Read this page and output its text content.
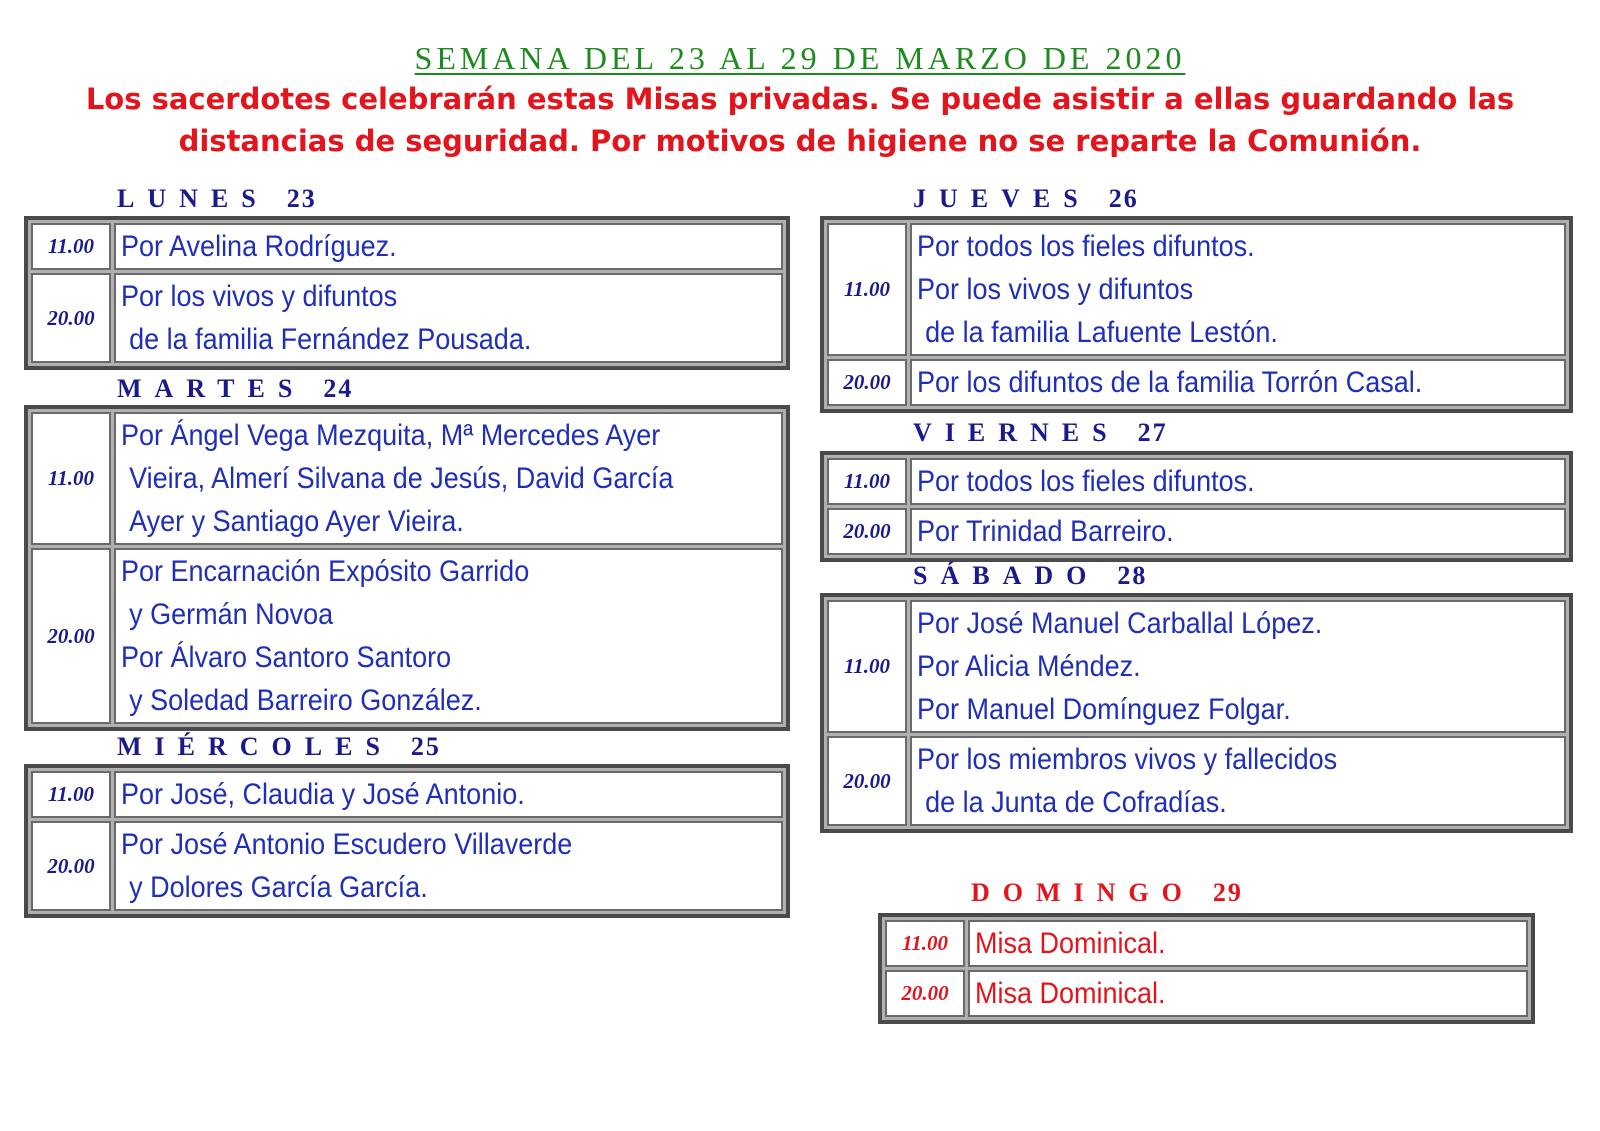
SEMANA DEL 23 AL 29 DE MARZO DE 2020

Los sacerdotes celebrarán estas Misas privadas. Se puede asistir a ellas guardando las
distancias de seguridad. Por motivos de higiene no se reparte la Comunión.

LUNES 23
11.00	Por Avelina Rodríguez.

20.00	Por los vivos y difuntos
de la familia Fernández Pousada.
MARTES 24
11.00	Por Ángel Vega Mezquita, Mª Mercedes Ayer
Vieira, Almerí Silvana de Jesús, David García
Ayer y Santiago Ayer Vieira.

20.00	Por Encarnación Expósito Garrido
y Germán Novoa
Por Álvaro Santoro Santoro
y Soledad Barreiro González.
MIÉRCOLES 25
11.00	Por José, Claudia y José Antonio.

20.00	Por José Antonio Escudero Villaverde
y Dolores García García.
JUEVES 26
11.00	Por todos los fieles difuntos.
Por los vivos y difuntos
de la familia Lafuente Lestón.

20.00	Por los difuntos de la familia Torrón Casal.
VIERNES 27
11.00	Por todos los fieles difuntos.

20.00	Por Trinidad Barreiro.
SÁBADO 28
11.00	Por José Manuel Carballal López.
Por Alicia Méndez.
Por Manuel Domínguez Folgar.

20.00	Por los miembros vivos y fallecidos
de la Junta de Cofradías.
DOMINGO 29
11.00	Misa Dominical.

20.00	Misa Dominical.
